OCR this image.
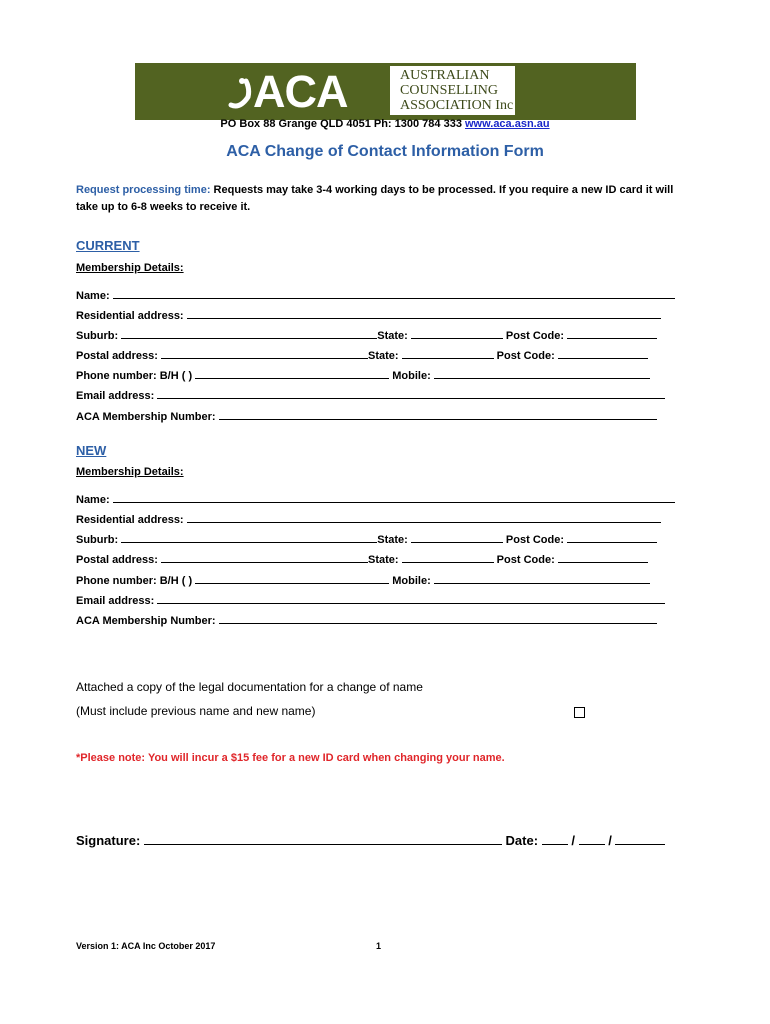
ACA	AUSTRALIAN
COUNSELLING
ASSOCIATION Inc
PO Box 88 Grange QLD 4051 Ph: 1300 784 333 www.aca.asn.au
ACA Change of Contact Information Form
Request processing time: Requests may take 3-4 working days to be processed. If you require a new ID card it will take up to 6-8 weeks to receive it.
CURRENT
Membership Details:
Name:
Residential address:
Suburb:	State:	Post Code:
Postal address:	State:	Post Code:
Phone number: B/H ( )	Mobile:
Email address:
ACA Membership Number:
NEW
Membership Details:
Name:
Residential address:
Suburb:	State:	Post Code:
Postal address:	State:	Post Code:
Phone number: B/H ( )	Mobile:
Email address:
ACA Membership Number:
Attached a copy of the legal documentation for a change of name
(Must include previous name and new name)
*Please note: You will incur a $15 fee for a new ID card when changing your name.
Signature:	Date:	/	/
Version 1: ACA Inc October 2017	1
